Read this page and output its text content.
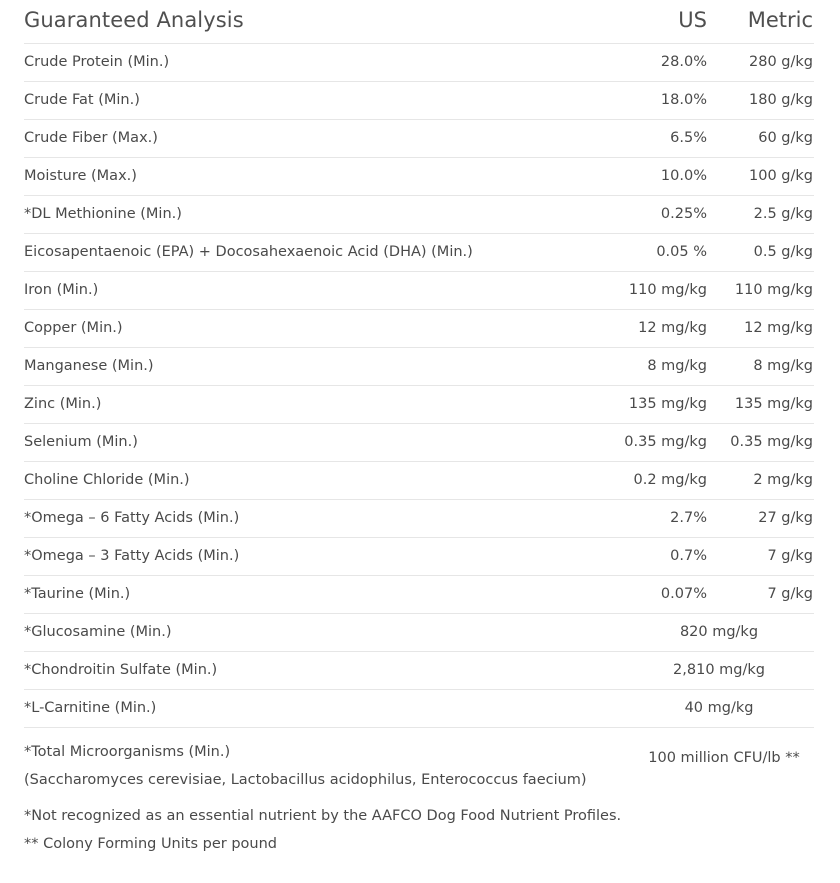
Guaranteed Analysis	US Metric
Crude Protein (Min.)	28.0%	280 g/kg
Crude Fat (Min.)	18.0%	180 g/kg
Crude Fiber (Max.)	6.5%	60 g/kg
Moisture (Max.)	10.0%	100 g/kg
*DL Methionine (Min.)	0.25%	2.5 g/kg
Eicosapentaenoic (EPA) + Docosahexaenoic Acid (DHA) (Min.)	0.05 %	0.5 g/kg
Iron (Min.)	110 mg/kg 110 mg/kg
Copper (Min.)	12 mg/kg	12 mg/kg
Manganese (Min.)	8 mg/kg	8 mg/kg
Zinc (Min.)	135 mg/kg 135 mg/kg
Selenium (Min.)	0.35 mg/kg 0.35 mg/kg
Choline Chloride (Min.)	0.2 mg/kg	2 mg/kg
*Omega – 6 Fatty Acids (Min.)	2.7%	27 g/kg
*Omega – 3 Fatty Acids (Min.)	0.7%	7 g/kg
*Taurine (Min.)	0.07%	7 g/kg
*Glucosamine (Min.)	820 mg/kg
*Chondroitin Sulfate (Min.)	2,810 mg/kg
*L-Carnitine (Min.)	40 mg/kg
*Total Microorganisms (Min.)
(Saccharomyces cerevisiae, Lactobacillus acidophilus, Enterococcus faecium)
100 million CFU/lb **
*Not recognized as an essential nutrient by the AAFCO Dog Food Nutrient Profiles.
** Colony Forming Units per pound
